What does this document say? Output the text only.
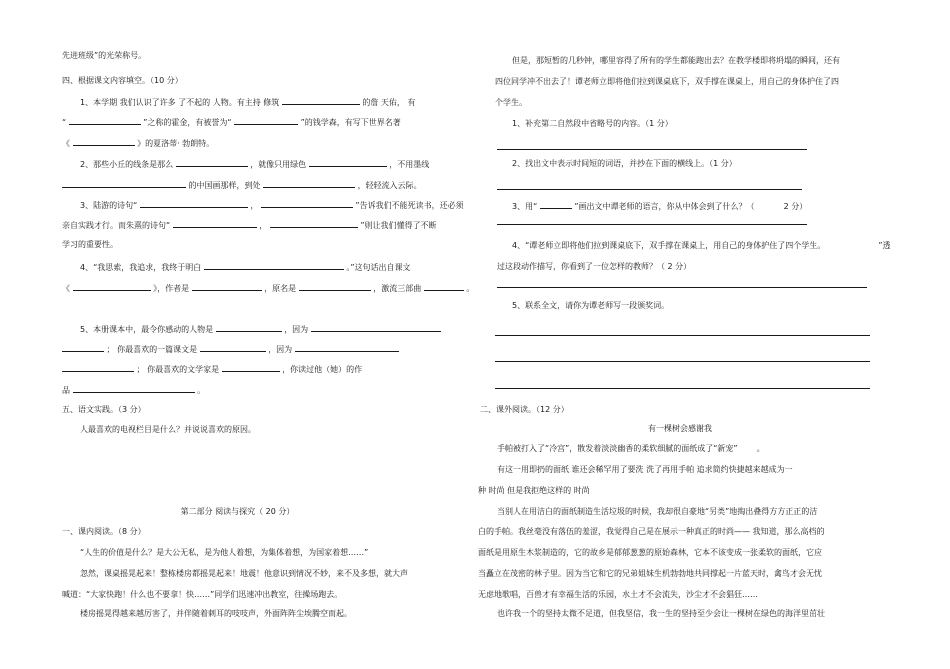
先进班级”的光荣称号。
四、根据课文内容填空。（10 分）
1、本学期 我们认识了许多 了不起的 人物。有主持 修筑	的詹 天佑， 有
“	”之称的霍金，有被誉为“	”的钱学森，有写下世界名著
《	》的夏洛蒂· 勃朗特。
2、那些小丘的线条是那么	，就像只用绿色	，不用墨线
的中国画那样，到处	，轻轻流入云际。
3、陆游的诗句“	，	”告诉我们不能死读书，还必须
亲自实践才行。而朱熹的诗句“	，	”则让我们懂得了不断
学习的重要性。
4、“我思索，我追求，我终于明白	。”这句话出自课文
《	》，作者是	，原名是	，激流三部曲	。
5、本册课本中，最令你感动的人物是	，因为
； 你最喜欢的一篇课文是	，因为
； 你最喜欢的文学家是	，你读过他（她）的作
品	。
五、语文实践。（3 分）
人最喜欢的电视栏目是什么？并说说喜欢的原因。
第二部分 阅读与探究（ 20 分）
一、课内阅读。（8 分）
“人生的价值是什么？是大公无私，是为他人着想，为集体着想，为国家着想……”
忽然，课桌摇晃起来！整栋楼房都摇晃起来！地震！他意识到情况不妙，来不及多想，就大声
喊道：“大家快跑！什么也不要拿！快……”同学们迅速冲出教室，往操场跑去。
楼房摇晃得越来越厉害了，并伴随着刺耳的吱吱声，外面阵阵尘埃腾空而起。
但是，那短暂的几秒钟，哪里容得了所有的学生都能跑出去？在教学楼即将坍塌的瞬间，还有
四位同学冲不出去了！谭老师立即将他们拉到课桌底下，双手撑在课桌上，用自己的身体护住了四
个学生。
1、补充第二自然段中省略号的内容。（1 分）
2、找出文中表示时间短的词语，并抄在下面的横线上。（1 分）
3、用“	”画出文中谭老师的语言，你从中体会到了什么？（	2 分）
4、“谭老师立即将他们拉到课桌底下，双手撑在课桌上，用自己的身体护住了四个学生。	”透
过这段动作描写，你看到了一位怎样的教师？（ 2 分）
5、联系全文，请你为谭老师写一段颁奖词。
二、课外阅读。（12 分）
有一棵树会感谢我
手帕被打入了“冷宫”，散发着淡淡幽香的柔软细腻的面纸成了“新宠” 。
有这一用即扔的面纸 谁还会稀罕用了要洗 洗了再用手帕 追求简约快捷越来越成为一
种 时尚 但是我拒绝这样的 时尚
当别人在用洁白的面纸制造生活垃圾的时候，我却很自豪地“另类”地掏出叠得方方正正的洁
白的手帕。我丝毫没有落伍的羞涩，我觉得自己是在展示一种真正的时尚—— 我知道，那么高档的
面纸是用原生木浆制造的，它的故乡是郁郁葱葱的原始森林，它本不该变成一张柔软的面纸，它应
当矗立在茂密的林子里。因为当它和它的兄弟姐妹生机勃勃地共同撑起一片蓝天时，禽鸟才会无忧
无虑地歌唱，百兽才有幸福生活的乐园，水土才不会流失，沙尘才不会猖狂……
也许我一个的坚持太微不足道，但我坚信，我一生的坚持至少会让一棵树在绿色的海洋里茁壮
